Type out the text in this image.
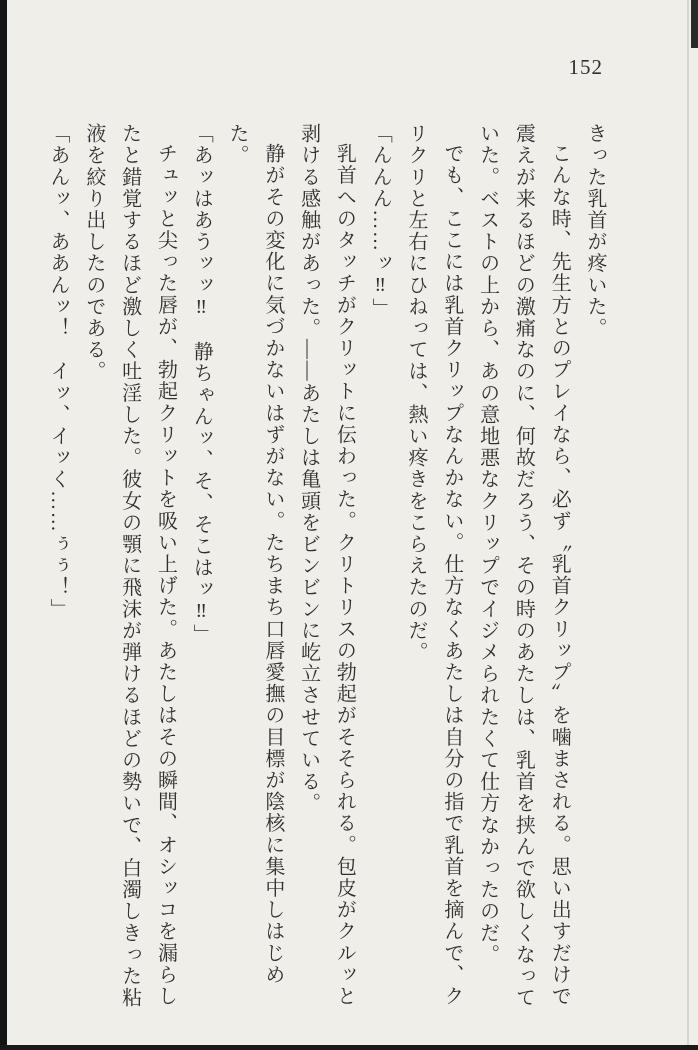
152

きった乳首が疼いた。

こんな時、先生方とのプレイなら、必ず〝乳首クリップ〟を噛まされる。思い出すだけで震えが来るほどの激痛なのに、何故だろう、その時のあたしは、乳首を挟んで欲しくなっていた。ベストの上から、あの意地悪なクリップでイジメられたくて仕方なかったのだ。

でも、ここには乳首クリップなんかない。仕方なくあたしは自分の指で乳首を摘んで、クリクリと左右にひねっては、熱い疼きをこらえたのだ。

「んんん……ッ‼」

乳首へのタッチがクリットに伝わった。クリトリスの勃起がそそられる。包皮がクルッと剥ける感触があった。――あたしは亀頭をビンビンに屹立させている。

静がその変化に気づかないはずがない。たちまち口唇愛撫の目標が陰核に集中しはじめた。

「あッはあうッッ‼　静ちゃんッ、そ、そこはッ‼」

チュッと尖った唇が、勃起クリットを吸い上げた。あたしはその瞬間、オシッコを漏らしたと錯覚するほど激しく吐淫した。彼女の顎に飛沫が弾けるほどの勢いで、白濁しきった粘液を絞り出したのである。

「あんッ、ああんッ！　イッ、イッく……ぅぅ！」
